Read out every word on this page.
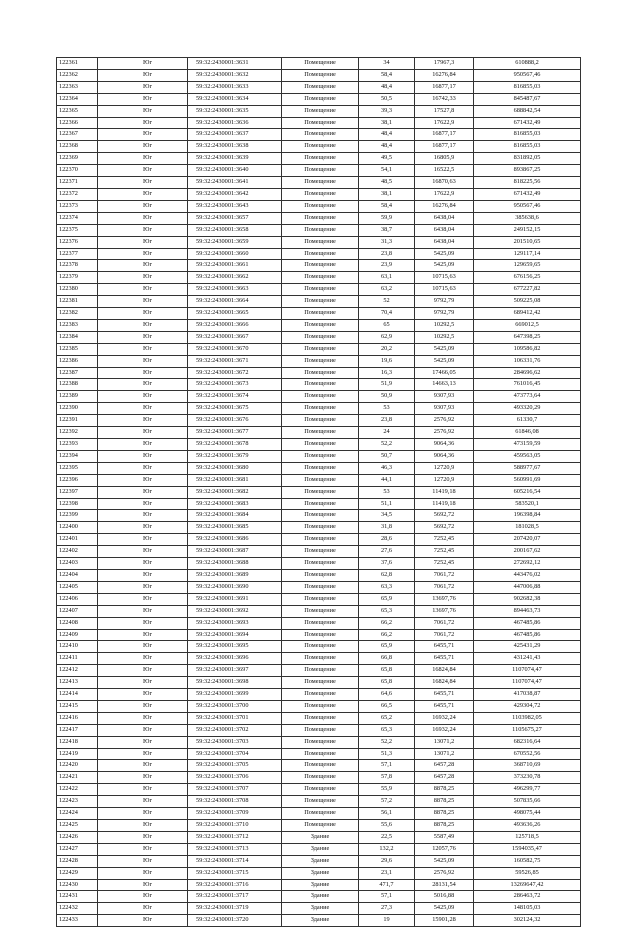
122361	Юг	59:32:2430001:3631	Помещение	34	17967,3	610888,2
122362	Юг	59:32:2430001:3632	Помещение	58,4	16276,84	950567,46
122363	Юг	59:32:2430001:3633	Помещение	48,4	16877,17	816855,03
122364	Юг	59:32:2430001:3634	Помещение	50,5	16742,33	845487,67
122365	Юг	59:32:2430001:3635	Помещение	39,3	17527,8	688842,54
122366	Юг	59:32:2430001:3636	Помещение	38,1	17622,9	671432,49
122367	Юг	59:32:2430001:3637	Помещение	48,4	16877,17	816855,03
122368	Юг	59:32:2430001:3638	Помещение	48,4	16877,17	816855,03
122369	Юг	59:32:2430001:3639	Помещение	49,5	16805,9	831892,05
122370	Юг	59:32:2430001:3640	Помещение	54,1	16522,5	893867,25
122371	Юг	59:32:2430001:3641	Помещение	48,5	16870,63	818225,56
122372	Юг	59:32:2430001:3642	Помещение	38,1	17622,9	671432,49
122373	Юг	59:32:2430001:3643	Помещение	58,4	16276,84	950567,46
122374	Юг	59:32:2430001:3657	Помещение	59,9	6438,04	385638,6
122375	Юг	59:32:2430001:3658	Помещение	38,7	6438,04	249152,15
122376	Юг	59:32:2430001:3659	Помещение	31,3	6438,04	201510,65
122377	Юг	59:32:2430001:3660	Помещение	23,8	5425,09	129117,14
122378	Юг	59:32:2430001:3661	Помещение	23,9	5425,09	129659,65
122379	Юг	59:32:2430001:3662	Помещение	63,1	10715,63	676156,25
122380	Юг	59:32:2430001:3663	Помещение	63,2	10715,63	677227,82
122381	Юг	59:32:2430001:3664	Помещение	52	9792,79	509225,08
122382	Юг	59:32:2430001:3665	Помещение	70,4	9792,79	689412,42
122383	Юг	59:32:2430001:3666	Помещение	65	10292,5	669012,5
122384	Юг	59:32:2430001:3667	Помещение	62,9	10292,5	647398,25
122385	Юг	59:32:2430001:3670	Помещение	20,2	5425,09	109586,82
122386	Юг	59:32:2430001:3671	Помещение	19,6	5425,09	106331,76
122387	Юг	59:32:2430001:3672	Помещение	16,3	17466,05	284696,62
122388	Юг	59:32:2430001:3673	Помещение	51,9	14663,13	761016,45
122389	Юг	59:32:2430001:3674	Помещение	50,9	9307,93	473773,64
122390	Юг	59:32:2430001:3675	Помещение	53	9307,93	493320,29
122391	Юг	59:32:2430001:3676	Помещение	23,8	2576,92	61330,7
122392	Юг	59:32:2430001:3677	Помещение	24	2576,92	61846,08
122393	Юг	59:32:2430001:3678	Помещение	52,2	9064,36	473159,59
122394	Юг	59:32:2430001:3679	Помещение	50,7	9064,36	459563,05
122395	Юг	59:32:2430001:3680	Помещение	46,3	12720,9	588977,67
122396	Юг	59:32:2430001:3681	Помещение	44,1	12720,9	560991,69
122397	Юг	59:32:2430001:3682	Помещение	53	11419,18	605216,54
122398	Юг	59:32:2430001:3683	Помещение	51,1	11419,18	583520,1
122399	Юг	59:32:2430001:3684	Помещение	34,5	5692,72	196398,84
122400	Юг	59:32:2430001:3685	Помещение	31,8	5692,72	181028,5
122401	Юг	59:32:2430001:3686	Помещение	28,6	7252,45	207420,07
122402	Юг	59:32:2430001:3687	Помещение	27,6	7252,45	200167,62
122403	Юг	59:32:2430001:3688	Помещение	37,6	7252,45	272692,12
122404	Юг	59:32:2430001:3689	Помещение	62,8	7061,72	443476,02
122405	Юг	59:32:2430001:3690	Помещение	63,3	7061,72	447006,88
122406	Юг	59:32:2430001:3691	Помещение	65,9	13697,76	902682,38
122407	Юг	59:32:2430001:3692	Помещение	65,3	13697,76	894463,73
122408	Юг	59:32:2430001:3693	Помещение	66,2	7061,72	467485,86
122409	Юг	59:32:2430001:3694	Помещение	66,2	7061,72	467485,86
122410	Юг	59:32:2430001:3695	Помещение	65,9	6455,71	425431,29
122411	Юг	59:32:2430001:3696	Помещение	66,8	6455,71	431241,43
122412	Юг	59:32:2430001:3697	Помещение	65,8	16824,84	1107074,47
122413	Юг	59:32:2430001:3698	Помещение	65,8	16824,84	1107074,47
122414	Юг	59:32:2430001:3699	Помещение	64,6	6455,71	417038,87
122415	Юг	59:32:2430001:3700	Помещение	66,5	6455,71	429304,72
122416	Юг	59:32:2430001:3701	Помещение	65,2	16932,24	1103982,05
122417	Юг	59:32:2430001:3702	Помещение	65,3	16932,24	1105675,27
122418	Юг	59:32:2430001:3703	Помещение	52,2	13071,2	682316,64
122419	Юг	59:32:2430001:3704	Помещение	51,3	13071,2	670552,56
122420	Юг	59:32:2430001:3705	Помещение	57,1	6457,28	368710,69
122421	Юг	59:32:2430001:3706	Помещение	57,8	6457,28	373230,78
122422	Юг	59:32:2430001:3707	Помещение	55,9	8878,25	496299,77
122423	Юг	59:32:2430001:3708	Помещение	57,2	8878,25	507835,66
122424	Юг	59:32:2430001:3709	Помещение	56,1	8878,25	498075,44
122425	Юг	59:32:2430001:3710	Помещение	55,6	8878,25	493636,26
122426	Юг	59:32:2430001:3712	Здание	22,5	5587,49	125718,5
122427	Юг	59:32:2430001:3713	Здание	132,2	12057,76	1594035,47
122428	Юг	59:32:2430001:3714	Здание	29,6	5425,09	160582,75
122429	Юг	59:32:2430001:3715	Здание	23,1	2576,92	59526,85
122430	Юг	59:32:2430001:3716	Здание	471,7	28131,54	13269647,42
122431	Юг	59:32:2430001:3717	Здание	57,1	5016,88	286463,72
122432	Юг	59:32:2430001:3719	Здание	27,3	5425,09	148105,03
122433	Юг	59:32:2430001:3720	Здание	19	15901,28	302124,32
